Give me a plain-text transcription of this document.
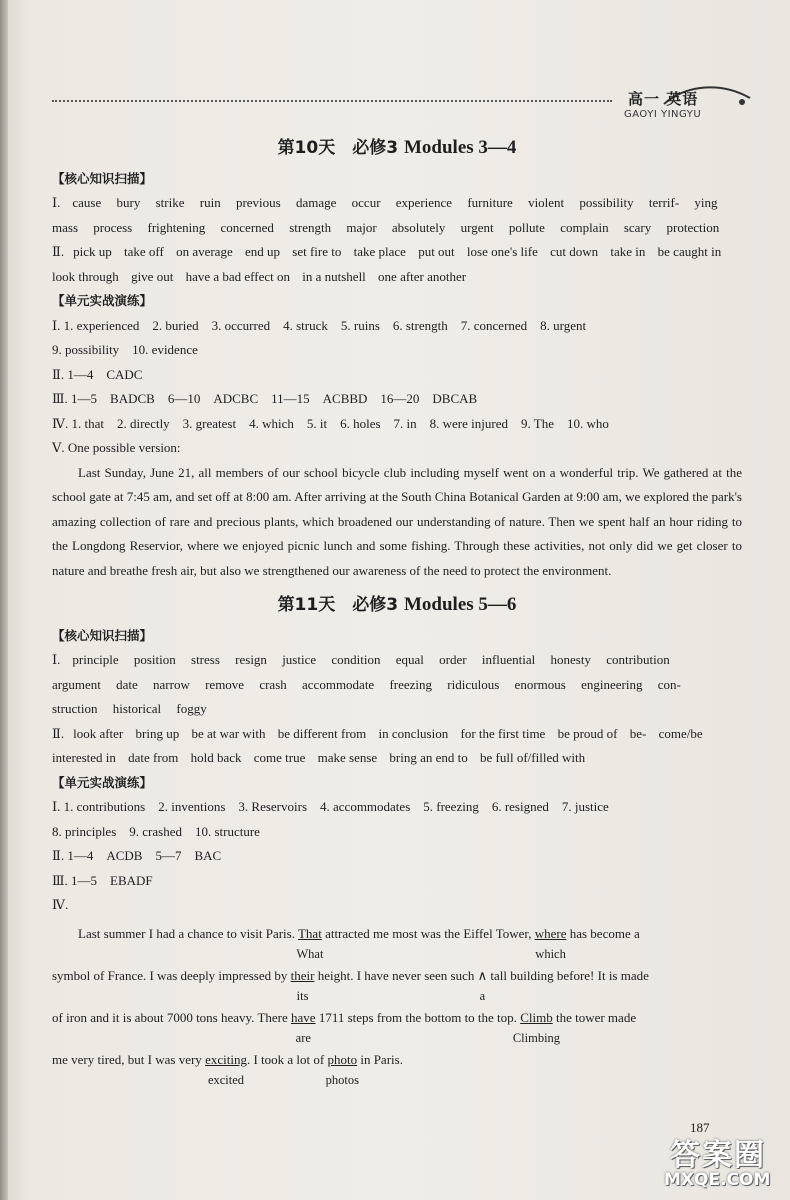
高一 英语
GAOYI YINGYU
第10天　必修3 Modules 3—4
【核心知识扫描】
Ⅰ. cause bury strike ruin previous damage occur experience furniture violent possibility terrif- ying mass process frightening concerned strength major absolutely urgent pollute complain scary protection
Ⅱ. pick up take off on average end up set fire to take place put out lose one's life cut down take in be caught in look through give out have a bad effect on in a nutshell one after another
【单元实战演练】
Ⅰ. 1. experienced　2. buried　3. occurred　4. struck　5. ruins　6. strength　7. concerned　8. urgent
9. possibility　10. evidence
Ⅱ. 1—4　CADC
Ⅲ. 1—5　BADCB　6—10　ADCBC　11—15　ACBBD　16—20　DBCAB
Ⅳ. 1. that　2. directly　3. greatest　4. which　5. it　6. holes　7. in　8. were injured　9. The　10. who
Ⅴ. One possible version:
Last Sunday, June 21, all members of our school bicycle club including myself went on a wonderful trip. We gathered at the school gate at 7:45 am, and set off at 8:00 am. After arriving at the South China Botanical Garden at 9:00 am, we explored the park's amazing collection of rare and precious plants, which broadened our understanding of nature. Then we spent half an hour riding to the Longdong Reservior, where we enjoyed picnic lunch and some fishing. Through these activities, not only did we get closer to nature and breathe fresh air, but also we strengthened our awareness of the need to protect the environment.
第11天　必修3 Modules 5—6
【核心知识扫描】
Ⅰ. principle position stress resign justice condition equal order influential honesty contribution argument date narrow remove crash accommodate freezing ridiculous enormous engineering con- struction historical foggy
Ⅱ. look after bring up be at war with be different from in conclusion for the first time be proud of be- come/be interested in date from hold back come true make sense bring an end to be full of/filled with
【单元实战演练】
Ⅰ. 1. contributions　2. inventions　3. Reservoirs　4. accommodates　5. freezing　6. resigned　7. justice
8. principles　9. crashed　10. structure
Ⅱ. 1—4　ACDB　5—7　BAC
Ⅲ. 1—5　EBADF
Ⅳ.
Last summer I had a chance to visit Paris. That
What
attracted me most was the Eiffel Tower, where
which
has become a
symbol of France. I was deeply impressed by their
its
height. I have never seen such ∧
a
tall building before! It is made
of iron and it is about 7000 tons heavy. There have
are
1711 steps from the bottom to the top. Climb
Climbing
the tower made
me very tired, but I was very exciting
excited
. I took a lot of photo
photos
in Paris.
187
答案圈
MXQE.COM
